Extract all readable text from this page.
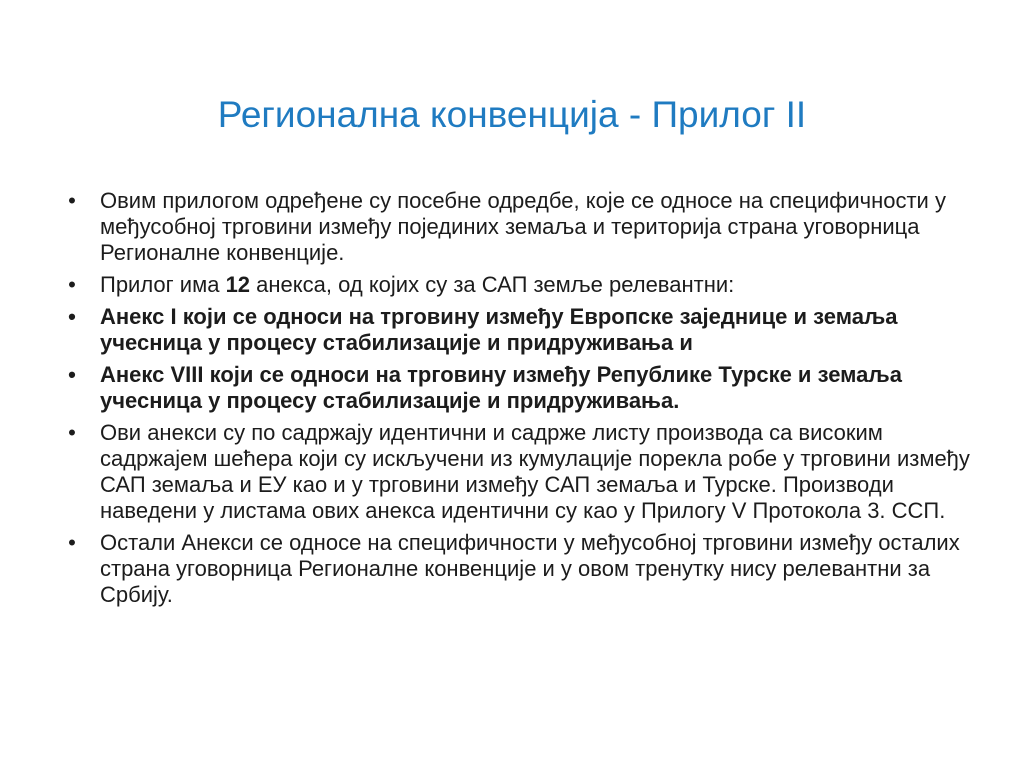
Регионална конвенција - Прилог II
• Овим прилогом одређене су посебне одредбе, које се односе на специфичности у међусобној трговини између појединих земаља и територија страна уговорница Регионалне конвенције.
• Прилог има 12 анекса, од којих су за САП земље релевантни:
• Анекс I који се односи на трговину између Европске заједнице и земаља учесница у процесу стабилизације и придруживања и
• Анекс VIII који се односи на трговину између Републике Турске и земаља учесница у процесу стабилизације и придруживања.
• Ови анекси су по садржају идентични и садрже листу производа са високим садржајем шећера који су искључени из кумулације порекла робе у трговини између САП земаља и ЕУ као и у трговини између САП земаља и Турске. Производи наведени у листама ових анекса идентични су као у Прилогу V Протокола 3. ССП.
• Остали Анекси се односе на специфичности у међусобној трговини између осталих страна уговорница Регионалне конвенције и у овом тренутку нису релевантни за Србију.
